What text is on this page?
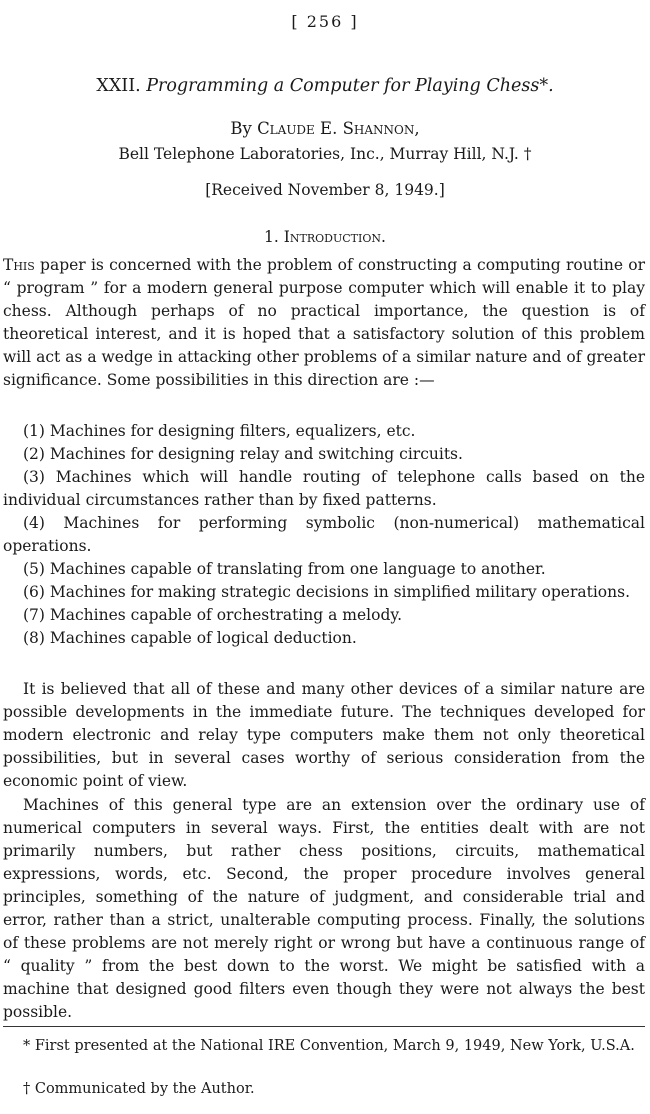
[ 256 ]
XXII. Programming a Computer for Playing Chess*.
By Claude E. Shannon,
Bell Telephone Laboratories, Inc., Murray Hill, N.J. †
[Received November 8, 1949.]
1. Introduction.
This paper is concerned with the problem of constructing a computing routine or “ program ” for a modern general purpose computer which will enable it to play chess. Although perhaps of no practical importance, the question is of theoretical interest, and it is hoped that a satisfactory solution of this problem will act as a wedge in attacking other problems of a similar nature and of greater significance. Some possibilities in this direction are :—
(1) Machines for designing filters, equalizers, etc.
(2) Machines for designing relay and switching circuits.
(3) Machines which will handle routing of telephone calls based on the individual circumstances rather than by fixed patterns.
(4) Machines for performing symbolic (non-numerical) mathematical operations.
(5) Machines capable of translating from one language to another.
(6) Machines for making strategic decisions in simplified military operations.
(7) Machines capable of orchestrating a melody.
(8) Machines capable of logical deduction.
It is believed that all of these and many other devices of a similar nature are possible developments in the immediate future. The techniques developed for modern electronic and relay type computers make them not only theoretical possibilities, but in several cases worthy of serious consideration from the economic point of view.
Machines of this general type are an extension over the ordinary use of numerical computers in several ways. First, the entities dealt with are not primarily numbers, but rather chess positions, circuits, mathematical expressions, words, etc. Second, the proper procedure involves general principles, something of the nature of judgment, and considerable trial and error, rather than a strict, unalterable computing process. Finally, the solutions of these problems are not merely right or wrong but have a continuous range of “ quality ” from the best down to the worst. We might be satisfied with a machine that designed good filters even though they were not always the best possible.
* First presented at the National IRE Convention, March 9, 1949, New York, U.S.A.
† Communicated by the Author.
